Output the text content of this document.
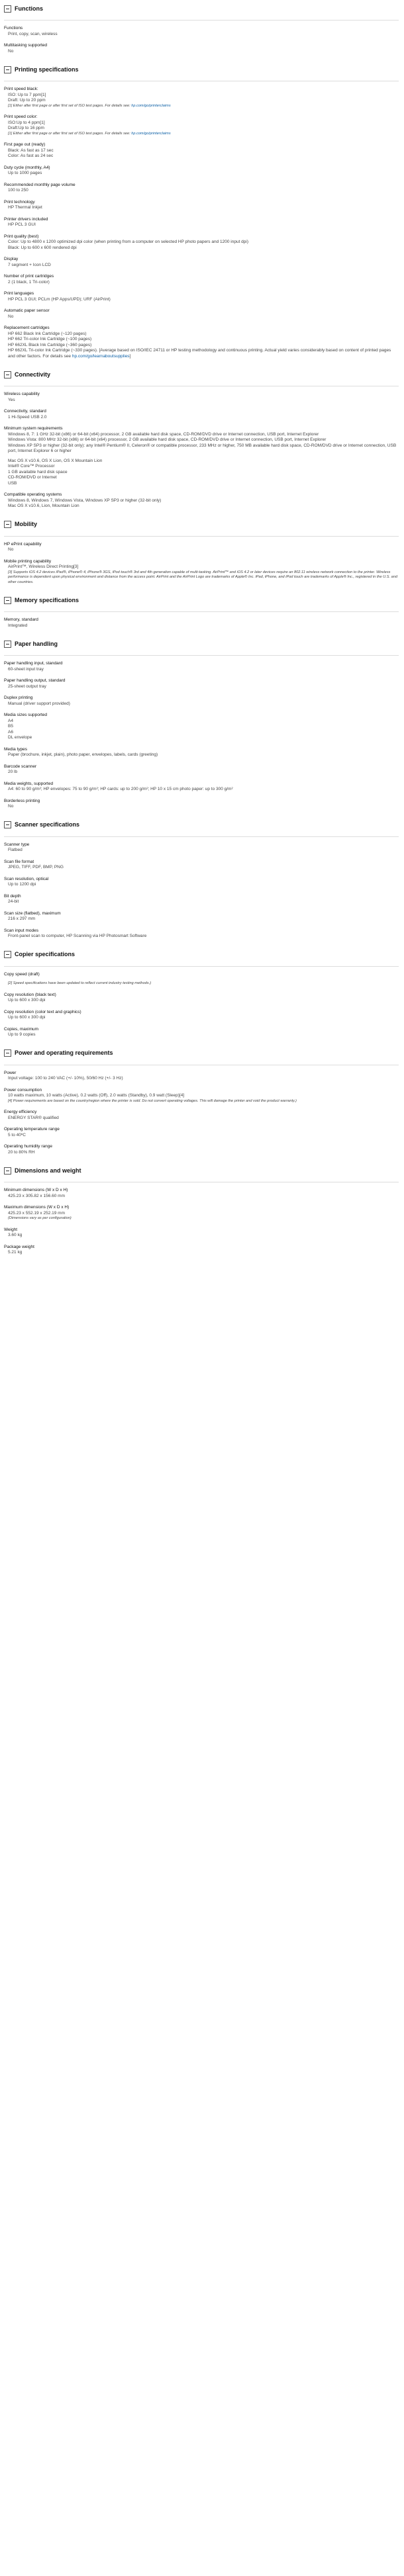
Functions
Functions
Print, copy, scan, wireless
Multitasking supported
No
Printing specifications
Print speed black:
ISO: Up to 7 ppm[1]
Draft: Up to 20 ppm
[1] Either after first page or after first set of ISO test pages. For details see: hp.com/go/printerclaims
Print speed color:
ISO:Up to 4 ppm[1]
Draft:Up to 16 ppm
[1] Either after first page or after first set of ISO test pages. For details see: hp.com/go/printerclaims
First page out (ready)
Black: As fast as 17 sec
Color: As fast as 24 sec
Duty cycle (monthly, A4)
Up to 1000 pages
Recommended monthly page volume
100 to 250
Print technology
HP Thermal Inkjet
Printer drivers included
HP PCL 3 GUI
Print quality (best)
Color: Up to 4800 x 1200 optimized dpi color (when printing from a computer on selected HP photo papers and 1200 input dpi)
Black: Up to 600 x 600 rendered dpi
Display
7 segment + Icon LCD
Number of print cartridges
2 (1 black, 1 Tri-color)
Print languages
HP PCL 3 GUI; PCLm (HP Apps/UPD); URF (AirPrint)
Automatic paper sensor
No
Replacement cartridges
HP 662 Black Ink Cartridge (~120 pages)
HP 662 Tri-color Ink Cartridge (~100 pages)
HP 662XL Black Ink Cartridge (~360 pages)
HP 662XL Tri-color Ink Cartridge (~330 pages). [Average based on ISO/IEC 24711 or HP testing methodology and continuous printing. Actual yield varies considerably based on content of printed pages and other factors. For details see hp.com/go/learnaboutsupplies]
Connectivity
Wireless capability
Yes
Connectivity, standard
1 Hi-Speed USB 2.0
Minimum system requirements
Windows 8, 7: 1 GHz 32-bit (x86) or 64-bit (x64) processor, 2 GB available hard disk space, CD-ROM/DVD drive or Internet connection, USB port, Internet Explorer
Windows Vista: 800 MHz 32-bit (x86) or 64-bit (x64) processor, 2 GB available hard disk space, CD-ROM/DVD drive or Internet connection, USB port, Internet Explorer
Windows XP SP3 or higher (32-bit only): any Intel® Pentium® II, Celeron® or compatible processor, 233 MHz or higher, 750 MB available hard disk space, CD-ROM/DVD drive or Internet connection, USB port, Internet Explorer 6 or higher
Mac OS X v10.6, OS X Lion, OS X Mountain Lion
Intel® Core™ Processor
1 GB available hard disk space
CD-ROM/DVD or Internet
USB
Compatible operating systems
Windows 8, Windows 7, Windows Vista, Windows XP SP3 or higher (32-bit only)
Mac OS X v10.6, Lion, Mountain Lion
Mobility
HP ePrint capability
No
Mobile printing capability
AirPrint™, Wireless Direct Printing[3]
[3] Supports iOS 4.2 devices iPad®, iPhone® 4, iPhone® 3GS, iPod touch® 3rd and 4th generation capable of multi-tasking. AirPrint™ and iOS 4.2 or later devices require an 802.11 wireless network connection to the printer. Wireless performance is dependent upon physical environment and distance from the access point. AirPrint and the AirPrint Logo are trademarks of Apple® Inc. iPad, iPhone, and iPod touch are trademarks of Apple® Inc., registered in the U.S. and other countries.
Memory specifications
Memory, standard
Integrated
Paper handling
Paper handling input, standard
60-sheet input tray
Paper handling output, standard
25-sheet output tray
Duplex printing
Manual (driver support provided)
Media sizes supported
A4
B5
A6
DL envelope
Media types
Paper (brochure, inkjet, plain), photo paper, envelopes, labels, cards (greeting)
Barcode scanner
20 lb
Media weights, supported
A4: 60 to 90 g/m²; HP envelopes: 75 to 90 g/m²; HP cards: up to 200 g/m²; HP 10 x 15 cm photo paper: up to 300 g/m²
Borderless printing
No
Scanner specifications
Scanner type
Flatbed
Scan file format
JPEG, TIFF, PDF, BMP, PNG
Scan resolution, optical
Up to 1200 dpi
Bit depth
24-bit
Scan size (flatbed), maximum
216 x 297 mm
Scan input modes
Front-panel scan to computer, HP Scanning via HP Photosmart Software
Copier specifications
Copy speed (draft)
[2] Speed specifications have been updated to reflect current industry testing methods.)
Copy resolution (black text)
Up to 600 x 300 dpi
Copy resolution (color text and graphics)
Up to 600 x 300 dpi
Copies, maximum
Up to 9 copies
Power and operating requirements
Power
Input voltage: 100 to 240 VAC (+/- 10%), 50/60 Hz (+/- 3 Hz)
Power consumption
10 watts maximum, 10 watts (Active), 0.2 watts (Off), 2.0 watts (Standby), 0.9 watt (Sleep)[4]
[4] Power requirements are based on the country/region where the printer is sold. Do not convert operating voltages. This will damage the printer and void the product warranty.)
Energy efficiency
ENERGY STAR® qualified
Operating temperature range
5 to 40ºC
Operating humidity range
20 to 80% RH
Dimensions and weight
Minimum dimensions (W x D x H)
425.23 x 305.82 x 156.60 mm
Maximum dimensions (W x D x H)
425.23 x 552.19 x 252.19 mm
(Dimensions vary as per configuration)
Weight
3.60 kg
Package weight
5.21 kg
